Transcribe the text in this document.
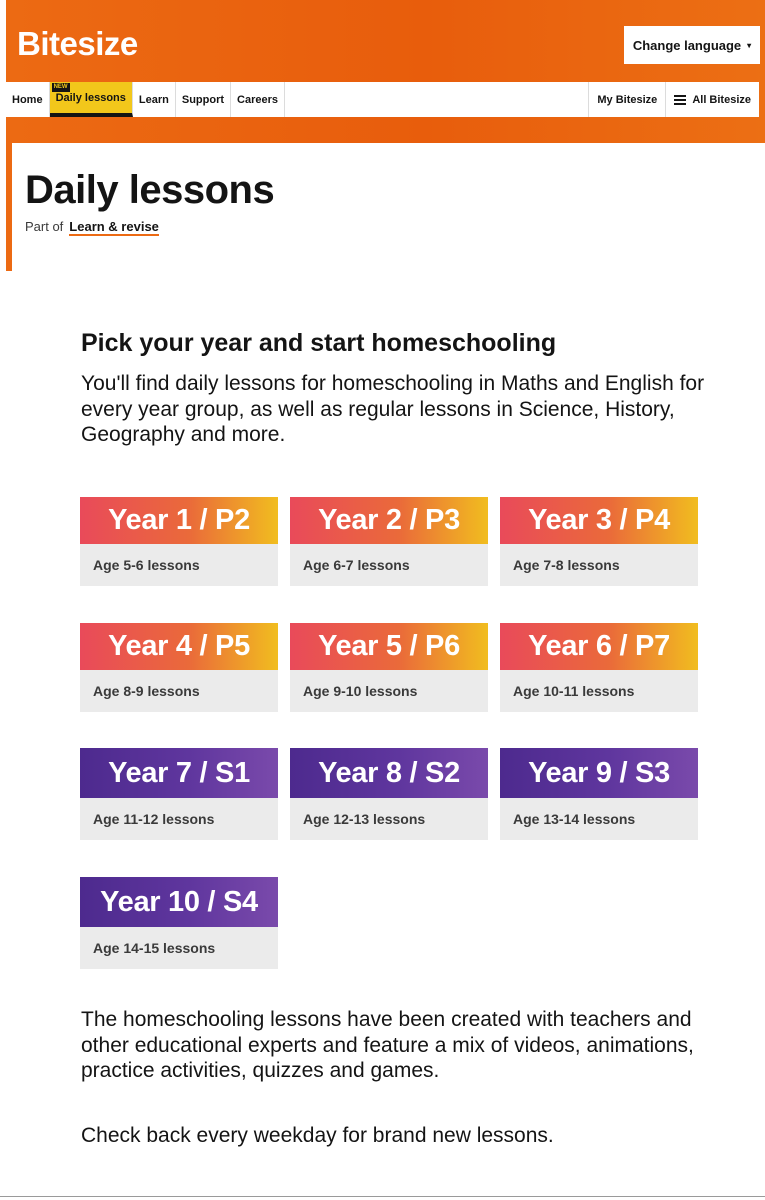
Bitesize	Change language ▾
Home
NEW
Daily lessons Learn Support Careers	My Bitesize	All Bitesize
Daily lessons
Part of Learn & revise
Pick your year and start homeschooling

You'll find daily lessons for homeschooling in Maths and English for every year group, as well as regular lessons in Science, History, Geography and more.

Year 1 / P2
Age 5-6 lessons
Year 2 / P3
Age 6-7 lessons
Year 3 / P4
Age 7-8 lessons
Year 4 / P5
Age 8-9 lessons
Year 5 / P6
Age 9-10 lessons
Year 6 / P7
Age 10-11 lessons
Year 7 / S1
Age 11-12 lessons
Year 8 / S2
Age 12-13 lessons
Year 9 / S3
Age 13-14 lessons
Year 10 / S4
Age 14-15 lessons

The homeschooling lessons have been created with teachers and other educational experts and feature a mix of videos, animations, practice activities, quizzes and games.

Check back every weekday for brand new lessons.
